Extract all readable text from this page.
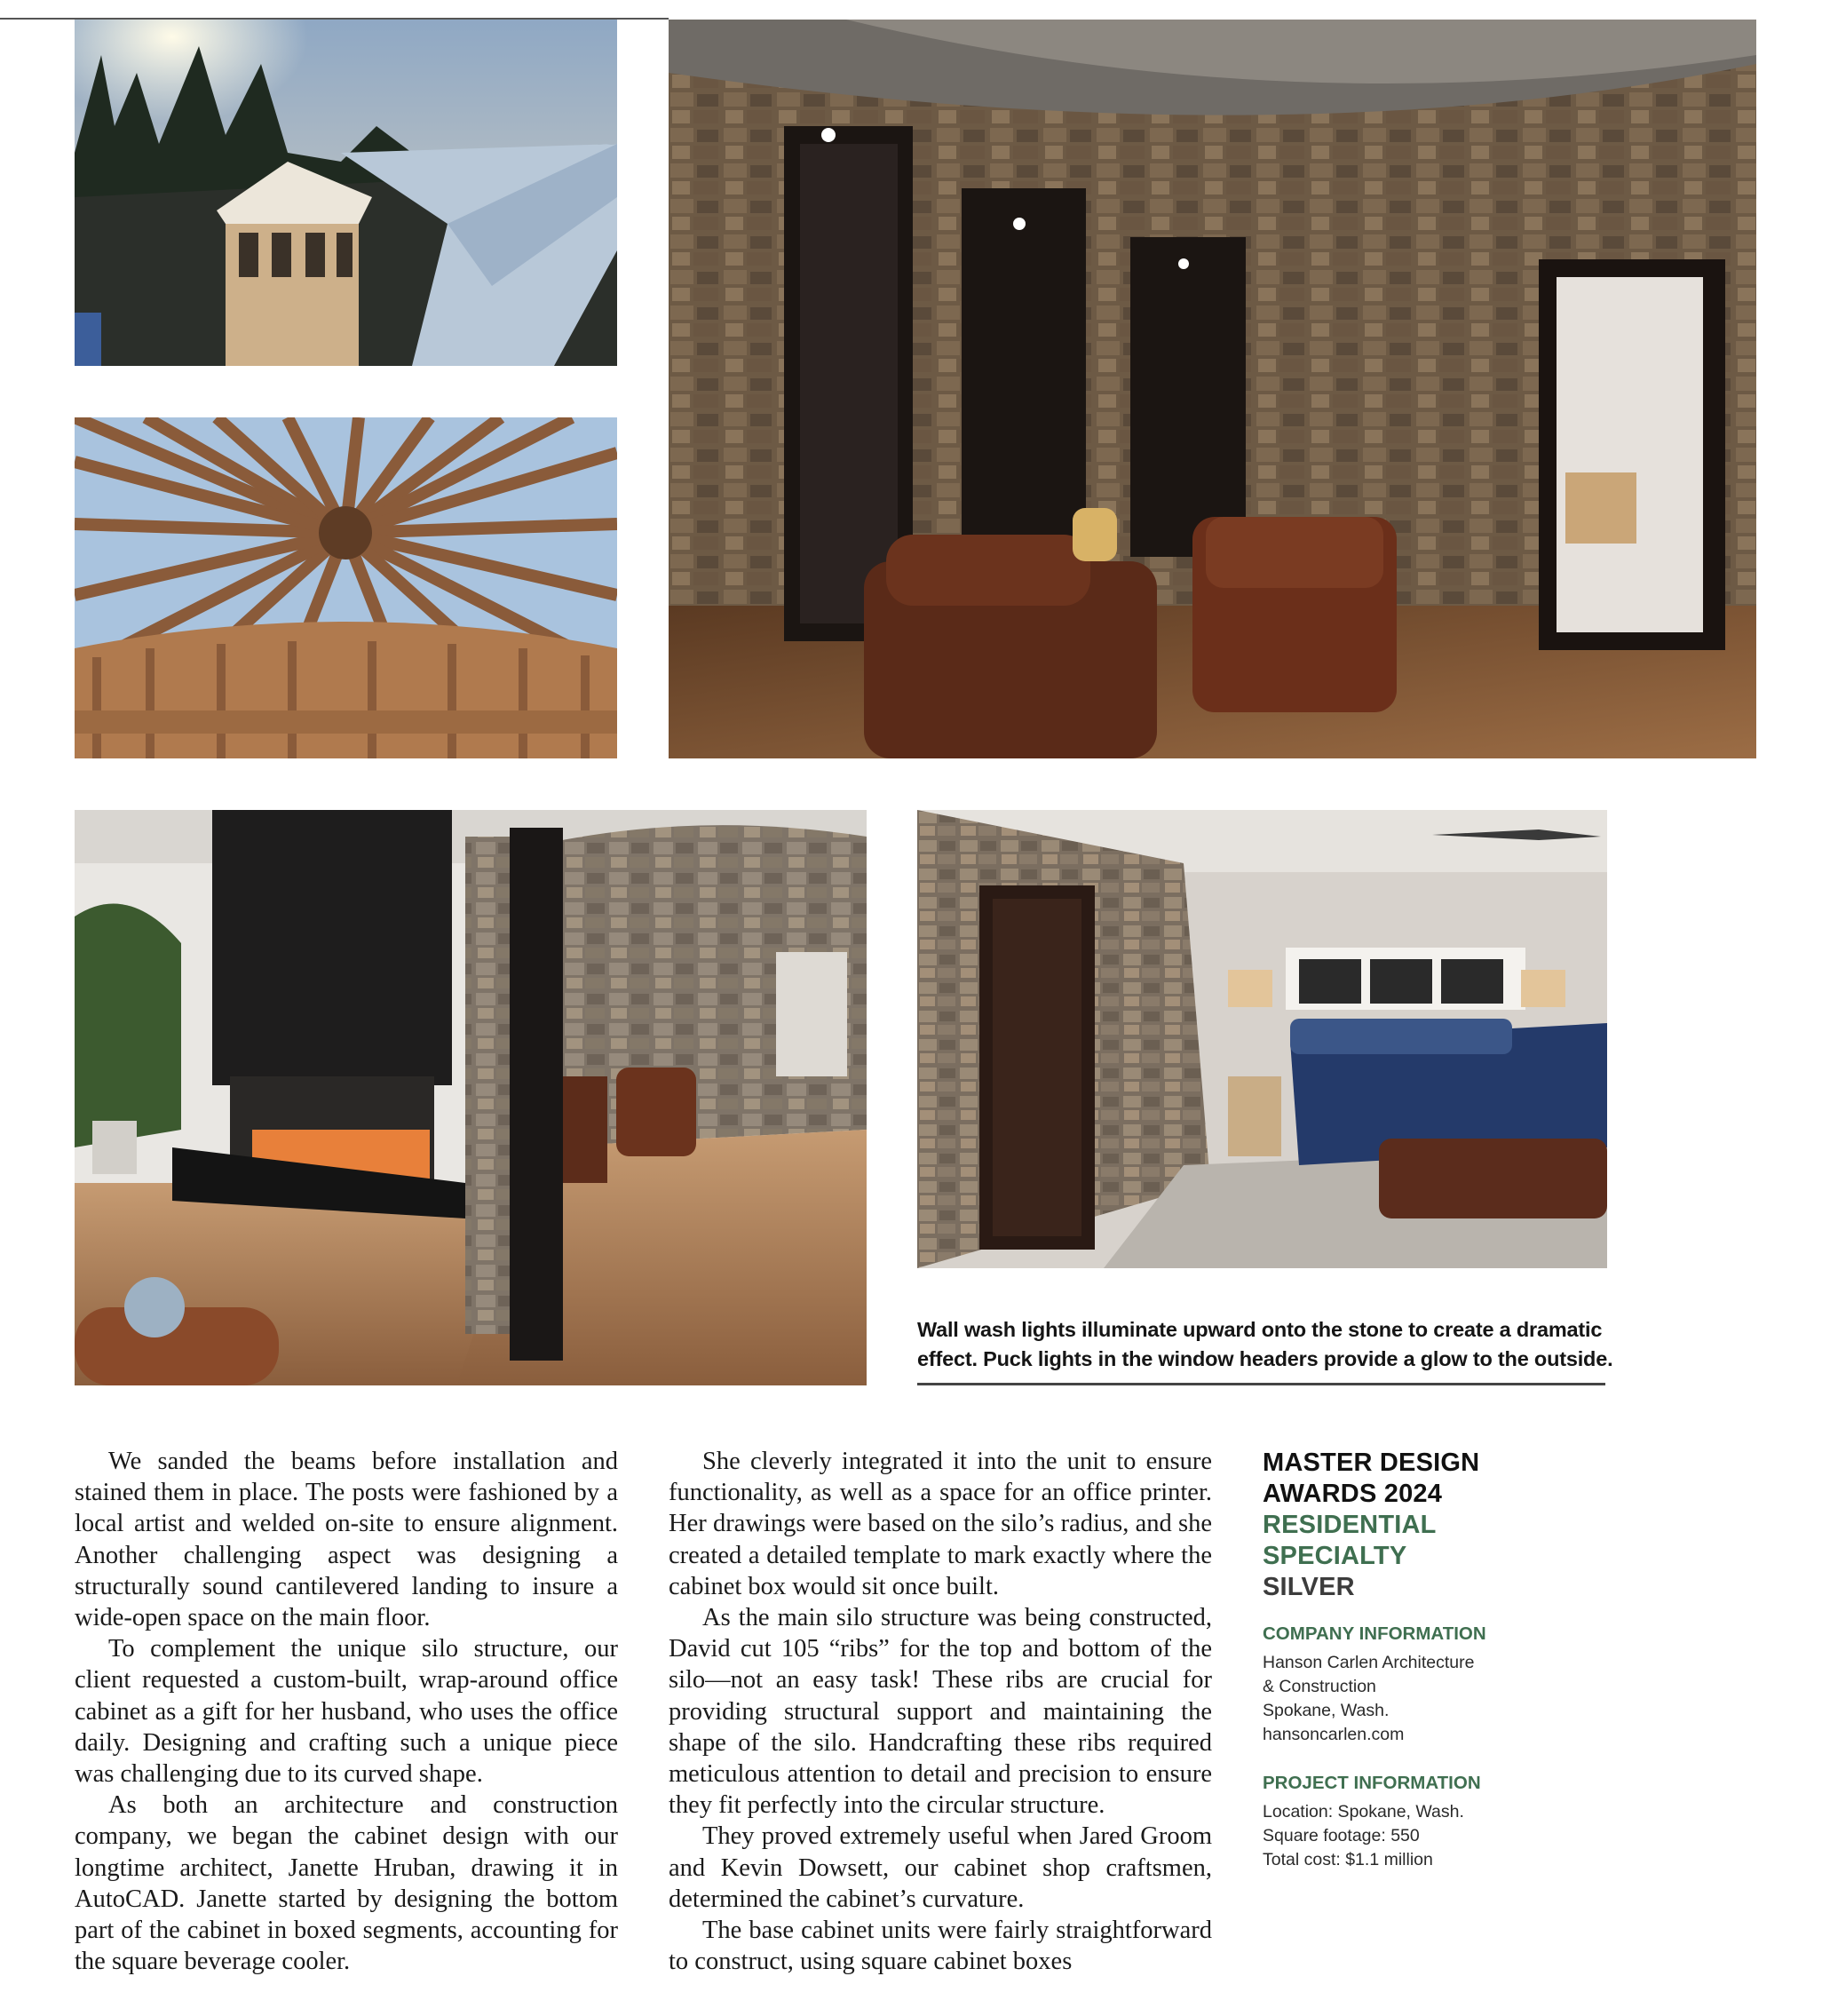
Wall wash lights illuminate upward onto the stone to create a dramatic
effect. Puck lights in the window headers provide a glow to the outside.

We sanded the beams before installation and stained them in place. The posts were fashioned by a local artist and welded on-site to ensure alignment. Another challenging aspect was designing a structurally sound cantilevered landing to insure a wide-open space on the main floor.

To complement the unique silo structure, our client requested a custom-built, wrap-around office cabinet as a gift for her husband, who uses the office daily. Designing and crafting such a unique piece was challenging due to its curved shape.

As both an architecture and construction company, we began the cabinet design with our longtime architect, Janette Hruban, drawing it in AutoCAD. Janette started by designing the bottom part of the cabinet in boxed segments, accounting for the square beverage cooler.

She cleverly integrated it into the unit to ensure functionality, as well as a space for an office printer. Her drawings were based on the silo’s radius, and she created a detailed template to mark exactly where the cabinet box would sit once built.

As the main silo structure was being constructed, David cut 105 “ribs” for the top and bottom of the silo—not an easy task! These ribs are crucial for providing structural support and maintaining the shape of the silo. Handcrafting these ribs required meticulous attention to detail and precision to ensure they fit perfectly into the circular structure.

They proved extremely useful when Jared Groom and Kevin Dowsett, our cabinet shop craftsmen, determined the cabinet’s curvature.

The base cabinet units were fairly straightforward to construct, using square cabinet boxes

MASTER DESIGN
AWARDS 2024
RESIDENTIAL
SPECIALTY
SILVER
COMPANY INFORMATION
Hanson Carlen Architecture
& Construction
Spokane, Wash.
hansoncarlen.com
PROJECT INFORMATION
Location: Spokane, Wash.
Square footage: 550
Total cost: $1.1 million
